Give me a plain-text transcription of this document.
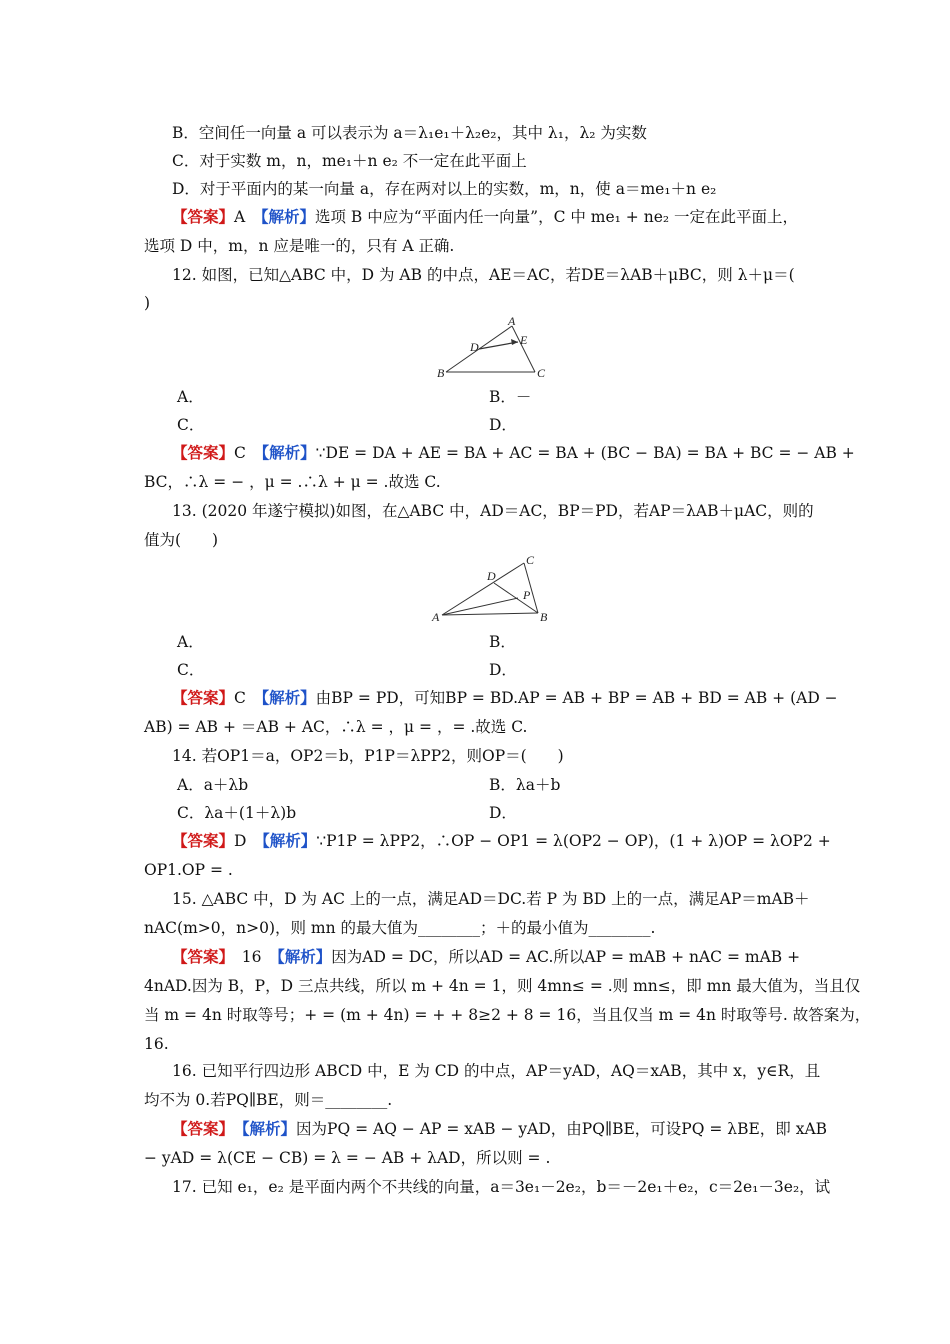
B．空间任一向量 a 可以表示为 a＝λ₁e₁＋λ₂e₂，其中 λ₁，λ₂ 为实数
C．对于实数 m，n，me₁＋n e₂ 不一定在此平面上
D．对于平面内的某一向量 a，存在两对以上的实数，m，n，使 a＝me₁＋n e₂
【答案】A　【解析】选项 B 中应为“平面内任一向量”，C 中 me₁ + ne₂ 一定在此平面上，
选项 D 中，m，n 应是唯一的，只有 A 正确.
12. 如图，已知△ABC 中，D 为 AB 的中点，AE＝AC，若DE＝λAB＋μBC，则 λ＋μ＝(
)
A
B	C
D	E
A．	B．－
C．	D．
【答案】C　【解析】∵DE = DA + AE = BA + AC = BA + (BC − BA) = BA + BC = − AB +
BC，∴λ = − ，μ = .∴λ + μ = .故选 C.
13. (2020 年遂宁模拟)如图，在△ABC 中，AD＝AC，BP＝PD，若AP＝λAB＋μAC，则的
值为(　　)
C
D
P
A	B
A．	B．
C．	D．
【答案】C　【解析】由BP = PD，可知BP = BD.AP = AB + BP = AB + BD = AB + (AD −
AB) = AB + ＝AB + AC，∴λ = ，μ = ，= .故选 C.
14. 若OP1＝a，OP2＝b，P1P＝λPP2，则OP＝(　　)
A．a＋λb	B．λa＋b
C．λa＋(1＋λ)b	D．
【答案】D　【解析】∵P1P = λPP2，∴OP − OP1 = λ(OP2 − OP)，(1 + λ)OP = λOP2 +
OP1.OP = .
15. △ABC 中，D 为 AC 上的一点，满足AD＝DC.若 P 为 BD 上的一点，满足AP＝mAB＋
nAC(m>0，n>0)，则 mn 的最大值为________；＋的最小值为________.
【答案】　16　【解析】因为AD = DC，所以AD = AC.所以AP = mAB + nAC = mAB +
4nAD.因为 B，P，D 三点共线，所以 m + 4n = 1，则 4mn≤ = .则 mn≤，即 mn 最大值为，当且仅
当 m = 4n 时取等号；+ = (m + 4n) = + + 8≥2 + 8 = 16，当且仅当 m = 4n 时取等号. 故答案为，
16.
16. 已知平行四边形 ABCD 中，E 为 CD 的中点，AP＝yAD，AQ＝xAB，其中 x，y∈R，且
均不为 0.若PQ∥BE，则＝________.
【答案】　 【解析】因为PQ = AQ − AP = xAB − yAD，由PQ∥BE，可设PQ = λBE，即 xAB
− yAD = λ(CE − CB) = λ = − AB + λAD，所以则 = .
17. 已知 e₁，e₂ 是平面内两个不共线的向量，a＝3e₁－2e₂，b＝－2e₁＋e₂，c＝2e₁－3e₂，试
